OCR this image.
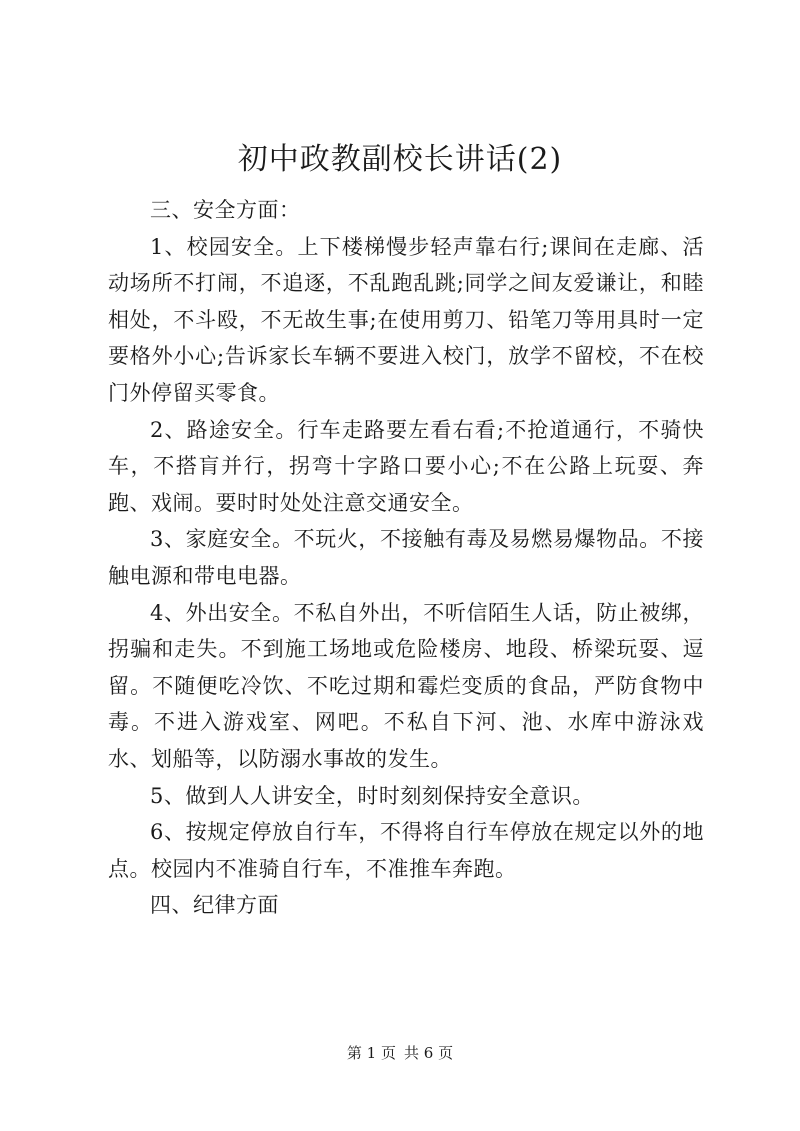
初中政教副校长讲话(2)

三、安全方面：

1、校园安全。上下楼梯慢步轻声靠右行;课间在走廊、活动场所不打闹，不追逐，不乱跑乱跳;同学之间友爱谦让，和睦相处，不斗殴，不无故生事;在使用剪刀、铅笔刀等用具时一定要格外小心;告诉家长车辆不要进入校门，放学不留校，不在校门外停留买零食。

2、路途安全。行车走路要左看右看;不抢道通行，不骑快车，不搭肓并行，拐弯十字路口要小心;不在公路上玩耍、奔跑、戏闹。要时时处处注意交通安全。

3、家庭安全。不玩火，不接触有毒及易燃易爆物品。不接触电源和带电电器。

4、外出安全。不私自外出，不听信陌生人话，防止被绑，拐骗和走失。不到施工场地或危险楼房、地段、桥梁玩耍、逗留。不随便吃冷饮、不吃过期和霉烂变质的食品，严防食物中毒。不进入游戏室、网吧。不私自下河、池、水库中游泳戏水、划船等，以防溺水事故的发生。

5、做到人人讲安全，时时刻刻保持安全意识。

6、按规定停放自行车，不得将自行车停放在规定以外的地点。校园内不准骑自行车，不准推车奔跑。

四、纪律方面

第 1 页 共 6 页
